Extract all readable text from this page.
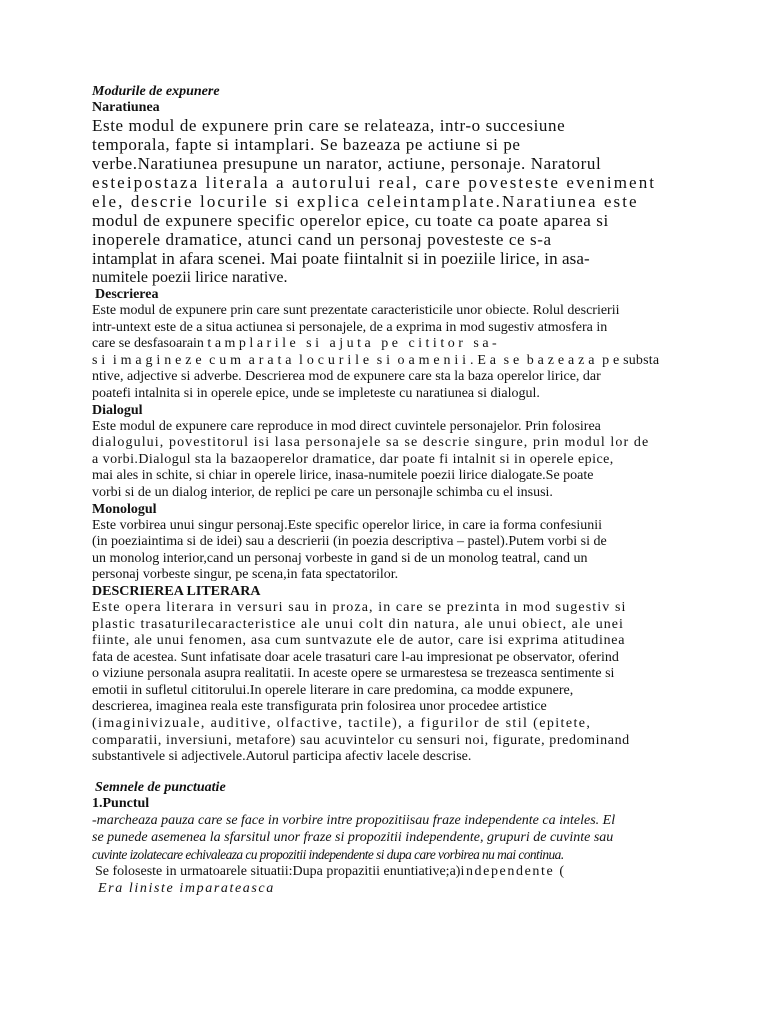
Modurile de expunere

Naratiunea

Este modul de expunere prin care se relateaza, intr-o succesiune

temporala, fapte si intamplari. Se bazeaza pe actiune si pe

verbe.Naratiunea presupune un narator, actiune, personaje. Naratorul

esteipostaza literala a autorului real, care povesteste eveniment

ele, descrie locurile si explica celeintamplate.Naratiunea este

modul de expunere specific operelor epice, cu toate ca poate aparea si

inoperele dramatice, atunci cand un personaj povesteste ce s-a

intamplat in afara scenei. Mai poate fiintalnit si in poeziile lirice, in asa-

numitele poezii lirice narative.

Descrierea

Este modul de expunere prin care sunt prezentate caracteristicile unor obiecte. Rolul descrierii

intr-untext este de a situa actiunea si personajele, de a exprima in mod sugestiv atmosfera in

care se desfasoarain t a m p l a r i l e   s i   a j u t a   p e   c i t i t o r   s a -

s i  i m a g i n e z e  c u m  a r a t a  l o c u r i l e  s i  o a m e n i i . E a  s e  b a z e a z a  p e substa

ntive, adjective si adverbe. Descrierea mod de expunere care sta la baza operelor lirice, dar

poatefi intalnita si in operele epice, unde se impleteste cu naratiunea si dialogul.

Dialogul

Este modul de expunere care reproduce in mod direct cuvintele personajelor. Prin folosirea

dialogului, povestitorul isi lasa personajele sa se descrie singure, prin modul lor de

a vorbi.Dialogul sta la bazaoperelor dramatice, dar poate fi intalnit si in operele epice,

mai ales in schite, si chiar in operele lirice, inasa-numitele poezii lirice dialogate.Se poate

vorbi si de un dialog interior, de replici pe care un personajle schimba cu el insusi.

Monologul

Este vorbirea unui singur personaj.Este specific operelor lirice, in care ia forma confesiunii

(in poeziaintima si de idei) sau a descrierii (in poezia descriptiva – pastel).Putem vorbi si de

un monolog interior,cand un personaj vorbeste in gand si de un monolog teatral, cand un

personaj vorbeste singur, pe scena,in fata spectatorilor.

DESCRIEREA LITERARA

Este opera literara in versuri sau in proza, in care se prezinta in mod sugestiv si

plastic trasaturilecaracteristice ale unui colt din natura, ale unui obiect, ale unei

fiinte, ale unui fenomen, asa cum suntvazute ele de autor, care isi exprima atitudinea

fata de acestea. Sunt infatisate doar acele trasaturi care l-au impresionat pe observator, oferind

o viziune personala asupra realitatii. In aceste opere se urmarestesa se trezeasca sentimente si

emotii in sufletul cititorului.In operele literare in care predomina, ca modde expunere,

descrierea, imaginea reala este transfigurata prin folosirea unor procedee artistice

(imaginivizuale, auditive, olfactive, tactile), a figurilor de stil (epitete,

comparatii, inversiuni, metafore) sau acuvintelor cu sensuri noi, figurate, predominand

substantivele si adjectivele.Autorul participa afectiv lacele descrise.

Semnele de punctuatie

1.Punctul

-marcheaza pauza care se face in vorbire intre propozitiisau fraze independente ca inteles. El

se punede asemenea la sfarsitul unor fraze si propozitii independente, grupuri de cuvinte sau

cuvinte izolatecare echivaleaza cu propozitii independente si dupa care vorbirea nu mai continua.

Se foloseste in urmatoarele situatii:Dupa propazitii enuntiative;a)independente (

Era liniste imparateasca
